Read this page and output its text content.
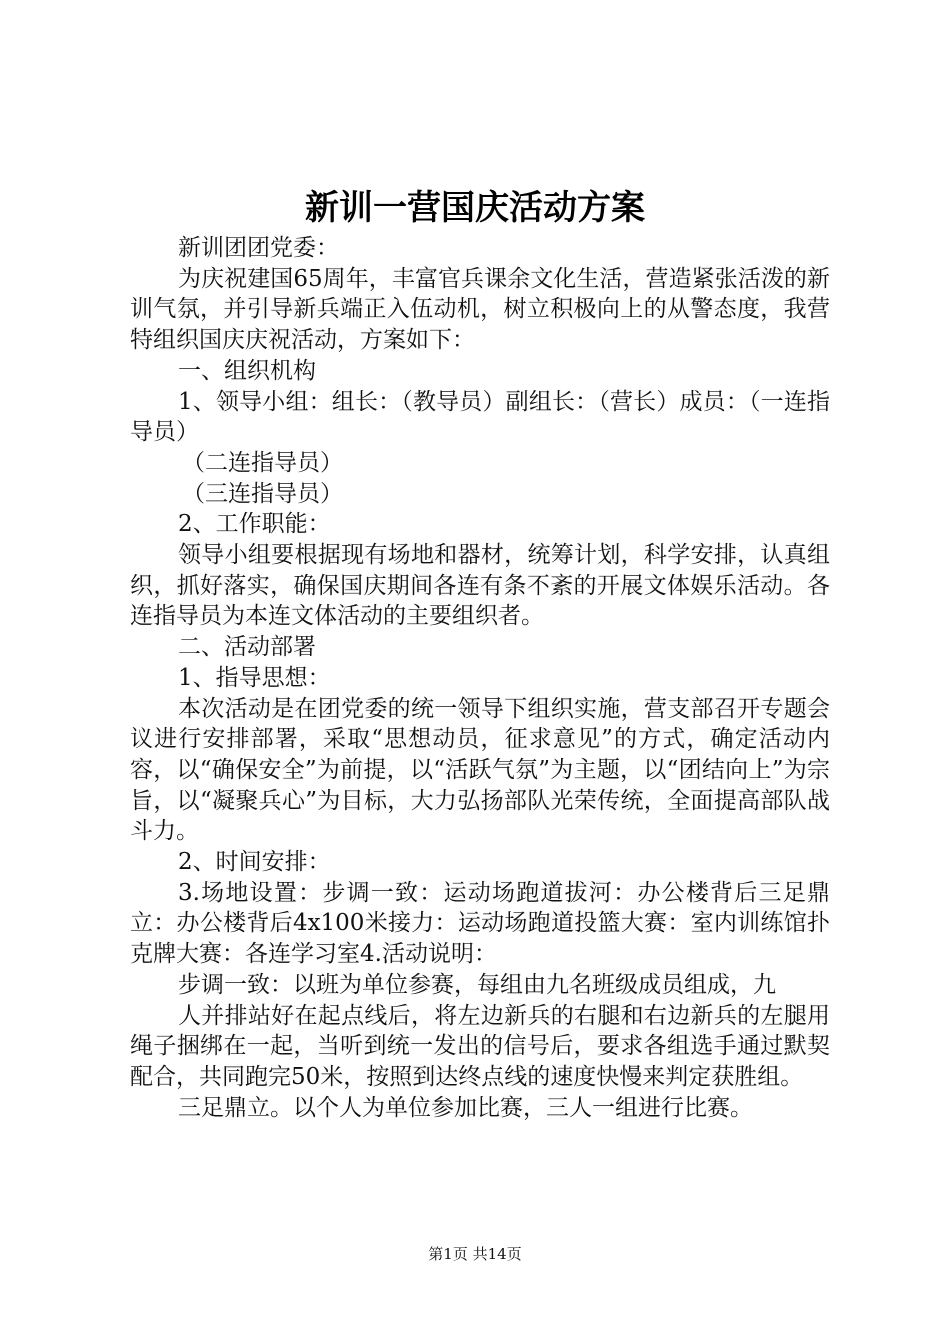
新训一营国庆活动方案

新训团团党委：

为庆祝建国65周年，丰富官兵课余文化生活，营造紧张活泼的新训气氛，并引导新兵端正入伍动机，树立积极向上的从警态度，我营特组织国庆庆祝活动，方案如下：

一、组织机构

1、领导小组：组长：（教导员）副组长：（营长）成员：（一连指导员）

（二连指导员）

（三连指导员）

2、工作职能：

领导小组要根据现有场地和器材，统筹计划，科学安排，认真组织，抓好落实，确保国庆期间各连有条不紊的开展文体娱乐活动。各连指导员为本连文体活动的主要组织者。

二、活动部署

1、指导思想：

本次活动是在团党委的统一领导下组织实施，营支部召开专题会议进行安排部署，采取“思想动员，征求意见”的方式，确定活动内容，以“确保安全”为前提，以“活跃气氛”为主题，以“团结向上”为宗旨，以“凝聚兵心”为目标，大力弘扬部队光荣传统，全面提高部队战斗力。

2、时间安排：

3.场地设置：步调一致：运动场跑道拔河：办公楼背后三足鼎立：办公楼背后4x100米接力：运动场跑道投篮大赛：室内训练馆扑克牌大赛：各连学习室4.活动说明：

步调一致：以班为单位参赛，每组由九名班级成员组成，九

人并排站好在起点线后，将左边新兵的右腿和右边新兵的左腿用绳子捆绑在一起，当听到统一发出的信号后，要求各组选手通过默契配合，共同跑完50米，按照到达终点线的速度快慢来判定获胜组。

三足鼎立。以个人为单位参加比赛，三人一组进行比赛。

第1页 共14页
